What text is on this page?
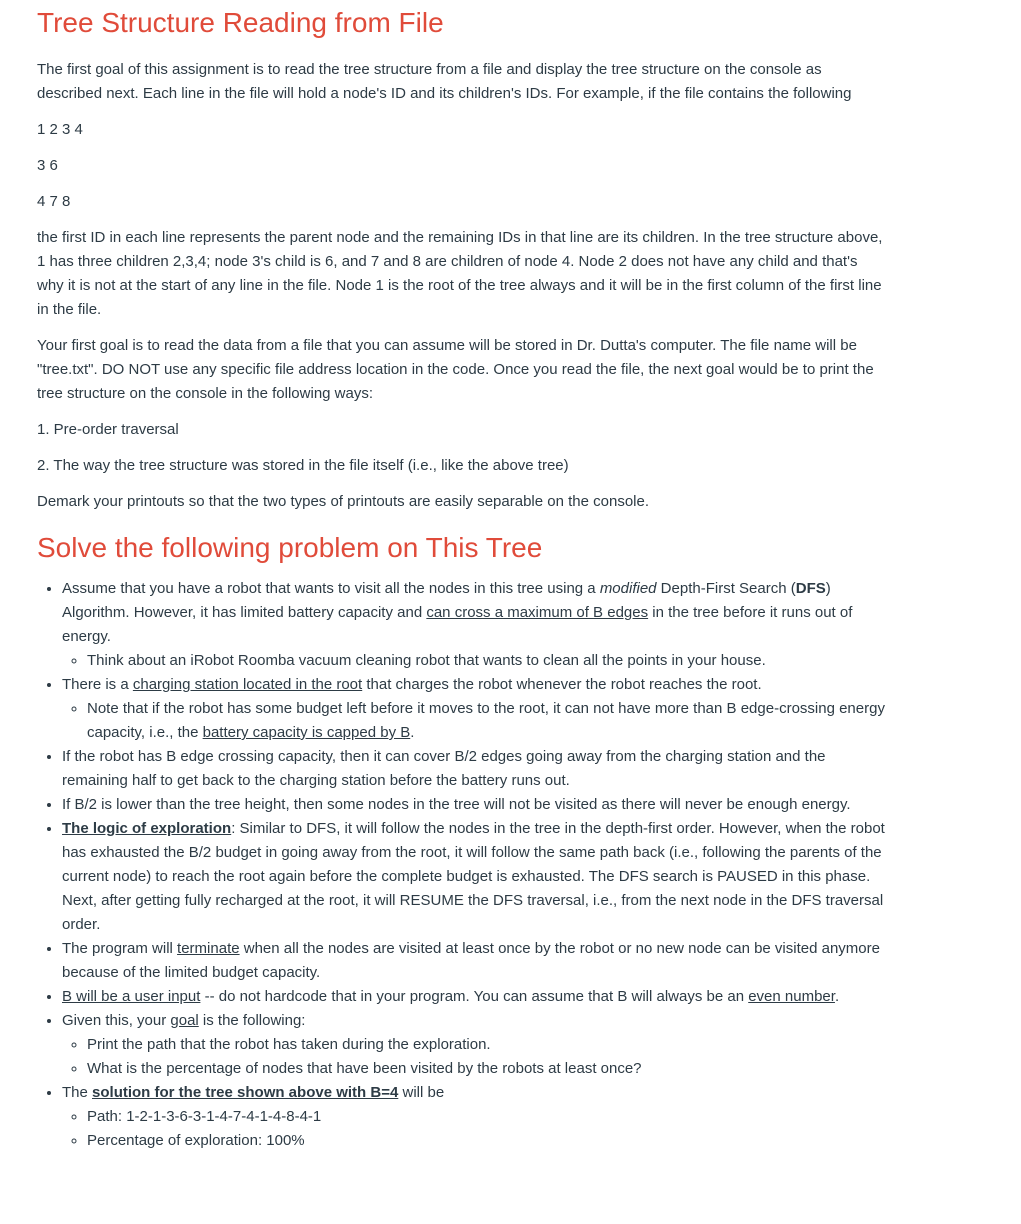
Tree Structure Reading from File

The first goal of this assignment is to read the tree structure from a file and display the tree structure on the console as described next. Each line in the file will hold a node's ID and its children's IDs. For example, if the file contains the following

1 2 3 4

3 6

4 7 8

the first ID in each line represents the parent node and the remaining IDs in that line are its children. In the tree structure above, 1 has three children 2,3,4; node 3's child is 6, and 7 and 8 are children of node 4. Node 2 does not have any child and that's why it is not at the start of any line in the file. Node 1 is the root of the tree always and it will be in the first column of the first line in the file.

Your first goal is to read the data from a file that you can assume will be stored in Dr. Dutta's computer. The file name will be "tree.txt". DO NOT use any specific file address location in the code. Once you read the file, the next goal would be to print the tree structure on the console in the following ways:

1. Pre-order traversal

2. The way the tree structure was stored in the file itself (i.e., like the above tree)

Demark your printouts so that the two types of printouts are easily separable on the console.

Solve the following problem on This Tree
• Assume that you have a robot that wants to visit all the nodes in this tree using a modified Depth-First Search (DFS) Algorithm. However, it has limited battery capacity and can cross a maximum of B edges in the tree before it runs out of energy.
◦ Think about an iRobot Roomba vacuum cleaning robot that wants to clean all the points in your house.
• There is a charging station located in the root that charges the robot whenever the robot reaches the root.
◦ Note that if the robot has some budget left before it moves to the root, it can not have more than B edge-crossing energy capacity, i.e., the battery capacity is capped by B.
• If the robot has B edge crossing capacity, then it can cover B/2 edges going away from the charging station and the remaining half to get back to the charging station before the battery runs out.
• If B/2 is lower than the tree height, then some nodes in the tree will not be visited as there will never be enough energy.
• The logic of exploration: Similar to DFS, it will follow the nodes in the tree in the depth-first order. However, when the robot has exhausted the B/2 budget in going away from the root, it will follow the same path back (i.e., following the parents of the current node) to reach the root again before the complete budget is exhausted. The DFS search is PAUSED in this phase. Next, after getting fully recharged at the root, it will RESUME the DFS traversal, i.e., from the next node in the DFS traversal order.
• The program will terminate when all the nodes are visited at least once by the robot or no new node can be visited anymore because of the limited budget capacity.
• B will be a user input -- do not hardcode that in your program. You can assume that B will always be an even number.
• Given this, your goal is the following:
◦ Print the path that the robot has taken during the exploration.
◦ What is the percentage of nodes that have been visited by the robots at least once?
• The solution for the tree shown above with B=4 will be
◦ Path: 1-2-1-3-6-3-1-4-7-4-1-4-8-4-1
◦ Percentage of exploration: 100%
